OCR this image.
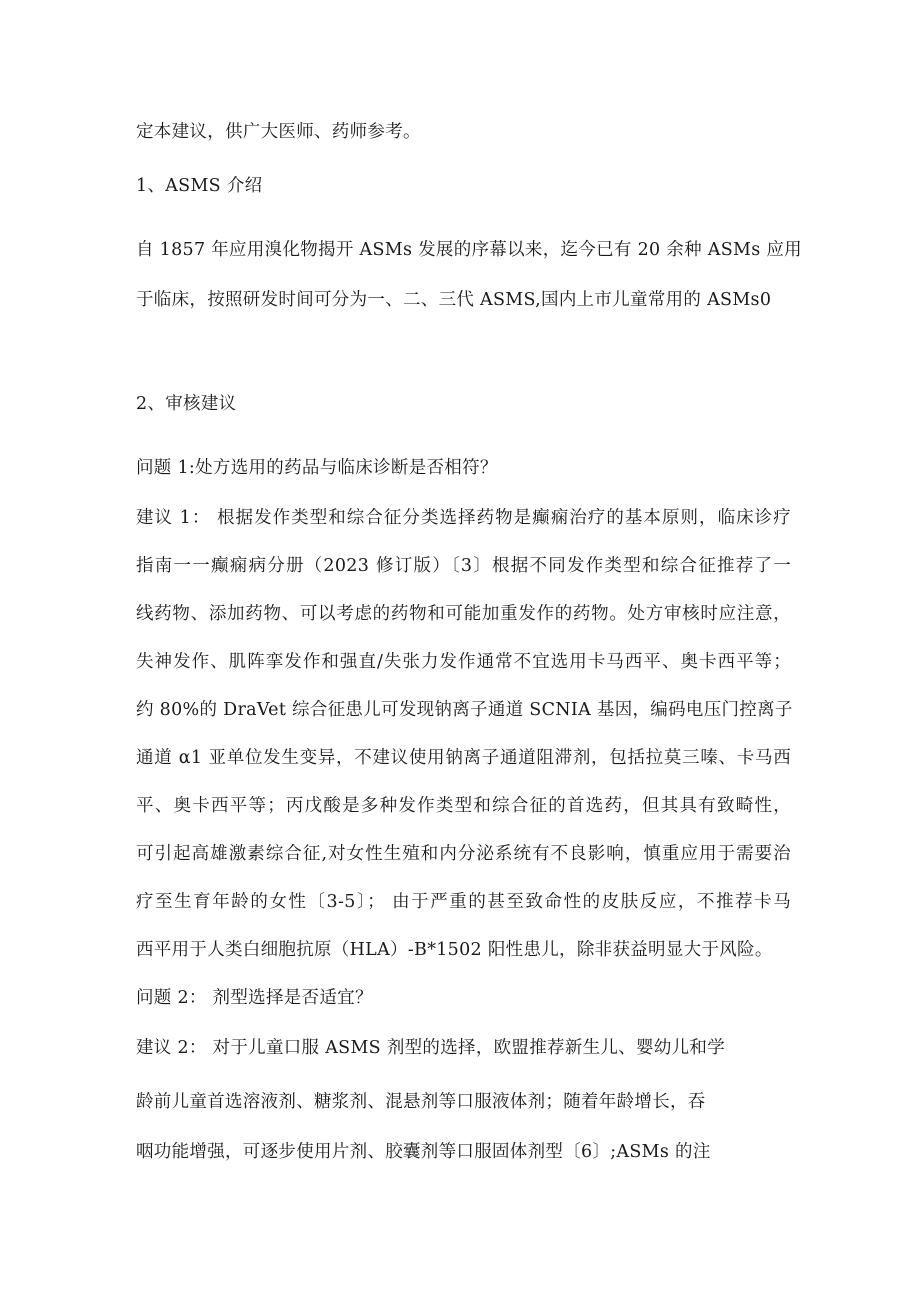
定本建议，供广大医师、药师参考。
1、ASMS 介绍
自 1857 年应用溴化物揭开 ASMs 发展的序幕以来，迄今已有 20 余种 ASMs 应用
于临床，按照研发时间可分为一、二、三代 ASMS,国内上市儿童常用的 ASMs0
2、审核建议
问题 1:处方选用的药品与临床诊断是否相符？
建议 1： 根据发作类型和综合征分类选择药物是癫痫治疗的基本原则，临床诊疗
指南一一癫痫病分册（2023 修订版）〔3〕根据不同发作类型和综合征推荐了一
线药物、添加药物、可以考虑的药物和可能加重发作的药物。处方审核时应注意，
失神发作、肌阵挛发作和强直/失张力发作通常不宜选用卡马西平、奥卡西平等；
约 80%的 DraVet 综合征患儿可发现钠离子通道 SCNIA 基因，编码电压门控离子
通道 α1 亚单位发生变异，不建议使用钠离子通道阻滞剂，包括拉莫三嗪、卡马西
平、奥卡西平等；丙戊酸是多种发作类型和综合征的首选药，但其具有致畸性，
可引起高雄激素综合征,对女性生殖和内分泌系统有不良影响，慎重应用于需要治
疗至生育年龄的女性〔3-5〕； 由于严重的甚至致命性的皮肤反应，不推荐卡马
西平用于人类白细胞抗原（HLA）-B*1502 阳性患儿，除非获益明显大于风险。
问题 2： 剂型选择是否适宜？
建议 2： 对于儿童口服 ASMS 剂型的选择，欧盟推荐新生儿、婴幼儿和学
龄前儿童首选溶液剂、糖浆剂、混悬剂等口服液体剂；随着年龄增长，吞
咽功能增强，可逐步使用片剂、胶囊剂等口服固体剂型〔6〕;ASMs 的注
